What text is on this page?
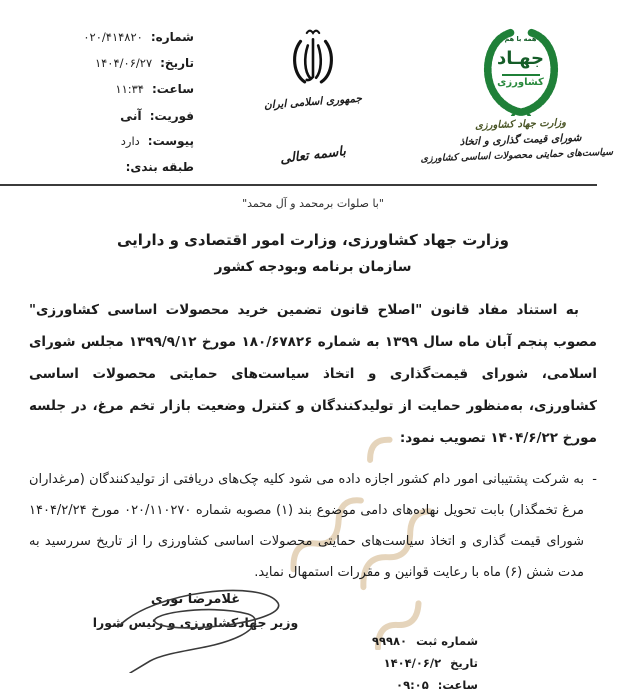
شماره:
۰۲۰/۴۱۴۸۲۰
تاریخ:
۱۴۰۴/۰۶/۲۷
ساعت:
۱۱:۳۴
فوریت:
آنی
پیوست:
دارد
طبقه بندی:
جمهوری اسلامی ایران
باسمه تعالی
همه با هم
جهـاد
کشاورزی
وزارت جهاد کشاورزی
شورای قیمت گذاری و اتخاذ
سیاست‌های حمایتی محصولات اساسی کشاورزی
"با صلوات برمحمد و آل محمد"
وزارت جهاد کشاورزی، وزارت امور اقتصادی و دارایی
سازمان برنامه وبودجه کشور

به استناد مفاد قانون "اصلاح قانون تضمین خرید محصولات اساسی کشاورزی" مصوب پنجم آبان ماه سال ۱۳۹۹ به شماره ۱۸۰/۶۷۸۲۶ مورخ ۱۳۹۹/۹/۱۲ مجلس شورای اسلامی، شورای قیمت‌گذاری و اتخاذ سیاست‌های حمایتی محصولات اساسی کشاورزی، به‌منظور حمایت از تولیدکنندگان و کنترل وضعیت بازار تخم مرغ، در جلسه مورخ ۱۴۰۴/۶/۲۲ تصویب نمود:

-
به شرکت پشتیبانی امور دام کشور اجازه داده می شود کلیه چک‌های دریافتی از تولیدکنندگان (مرغداران مرغ تخمگذار) بابت تحویل نهاده‌های دامی موضوع بند (۱) مصوبه شماره ۰۲۰/۱۱۰۲۷۰ مورخ ۱۴۰۴/۲/۲۴ شورای قیمت گذاری و اتخاذ سیاست‌های حمایتی محصولات اساسی کشاورزی را از تاریخ سررسید به مدت شش (۶) ماه با رعایت قوانین و مقررات استمهال نماید.

غلامرضا نوری
وزیر جهادکشاورزی و رئیس شورا
شماره ثبت
۹۹۹۸۰
تاریخ
۱۴۰۴/۰۶/۲
ساعت:
۰۹:۰۵
